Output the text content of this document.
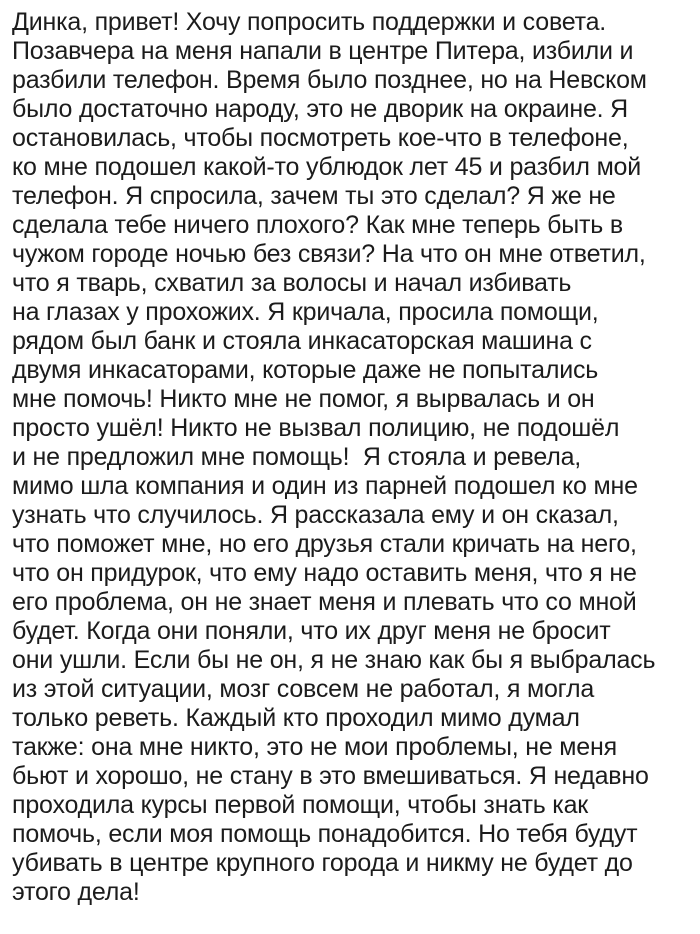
Динка, привет! Хочу попросить поддержки и совета.
Позавчера на меня напали в центре Питера, избили и
разбили телефон. Время было позднее, но на Невском
было достаточно народу, это не дворик на окраине. Я
остановилась, чтобы посмотреть кое-что в телефоне,
ко мне подошел какой-то ублюдок лет 45 и разбил мой
телефон. Я спросила, зачем ты это сделал? Я же не
сделала тебе ничего плохого? Как мне теперь быть в
чужом городе ночью без связи? На что он мне ответил,
что я тварь, схватил за волосы и начал избивать
на глазах у прохожих. Я кричала, просила помощи,
рядом был банк и стояла инкасаторская машина с
двумя инкасаторами, которые даже не попытались
мне помочь! Никто мне не помог, я вырвалась и он
просто ушёл! Никто не вызвал полицию, не подошёл
и не предложил мне помощь!  Я стояла и ревела,
мимо шла компания и один из парней подошел ко мне
узнать что случилось. Я рассказала ему и он сказал,
что поможет мне, но его друзья стали кричать на него,
что он придурок, что ему надо оставить меня, что я не
его проблема, он не знает меня и плевать что со мной
будет. Когда они поняли, что их друг меня не бросит
они ушли. Если бы не он, я не знаю как бы я выбралась
из этой ситуации, мозг совсем не работал, я могла
только реветь. Каждый кто проходил мимо думал
также: она мне никто, это не мои проблемы, не меня
бьют и хорошо, не стану в это вмешиваться. Я недавно
проходила курсы первой помощи, чтобы знать как
помочь, если моя помощь понадобится. Но тебя будут
убивать в центре крупного города и никму не будет до
этого дела!
